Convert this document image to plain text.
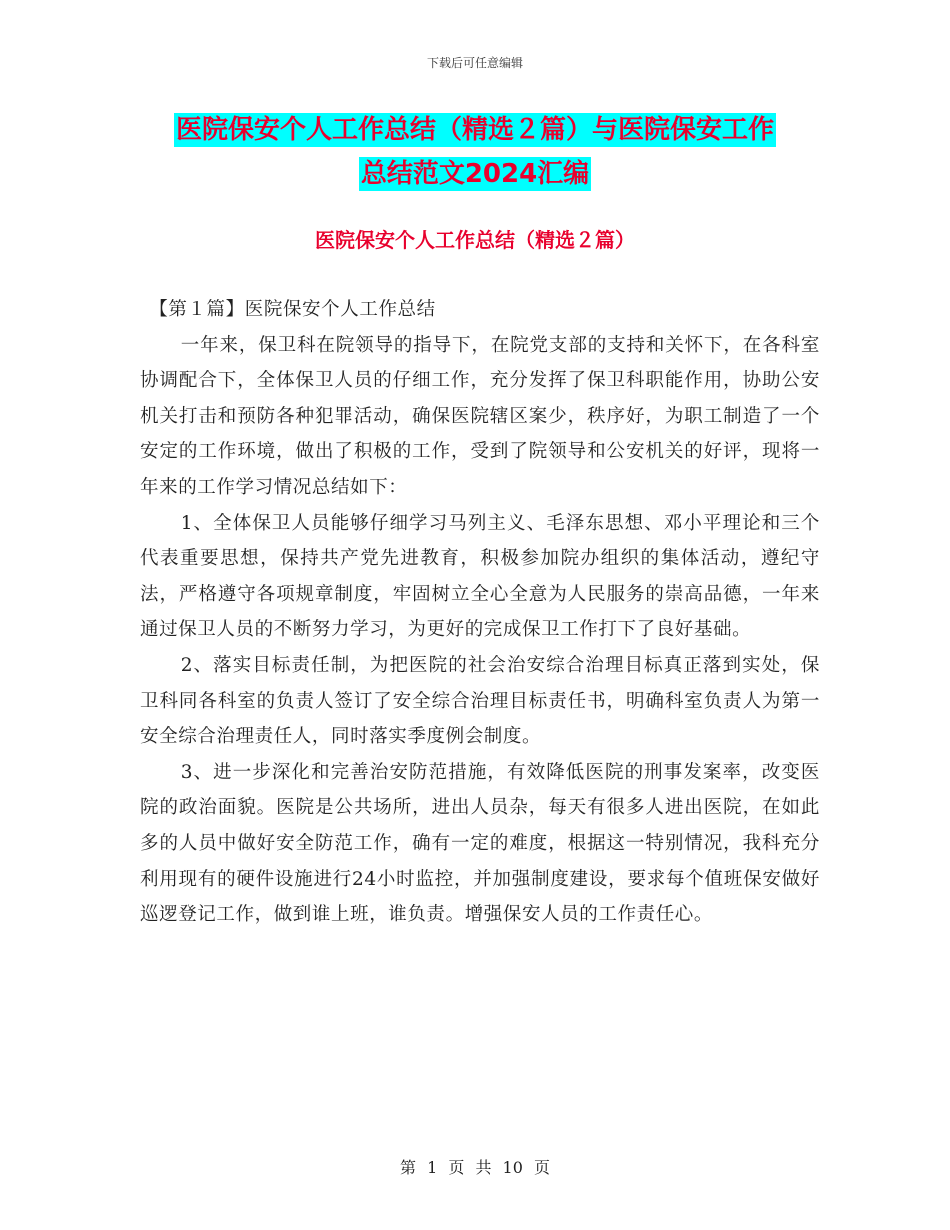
下载后可任意编辑
医院保安个人工作总结（精选２篇）与医院保安工作
总结范文2024汇编
医院保安个人工作总结（精选２篇）

【第１篇】医院保安个人工作总结

一年来，保卫科在院领导的指导下，在院党支部的支持和关怀下，在各科室协调配合下，全体保卫人员的仔细工作，充分发挥了保卫科职能作用，协助公安机关打击和预防各种犯罪活动，确保医院辖区案少，秩序好，为职工制造了一个安定的工作环境，做出了积极的工作，受到了院领导和公安机关的好评，现将一年来的工作学习情况总结如下：

1、全体保卫人员能够仔细学习马列主义、毛泽东思想、邓小平理论和三个代表重要思想，保持共产党先进教育，积极参加院办组织的集体活动，遵纪守法，严格遵守各项规章制度，牢固树立全心全意为人民服务的崇高品德，一年来通过保卫人员的不断努力学习，为更好的完成保卫工作打下了良好基础。

2、落实目标责任制，为把医院的社会治安综合治理目标真正落到实处，保卫科同各科室的负责人签订了安全综合治理目标责任书，明确科室负责人为第一安全综合治理责任人，同时落实季度例会制度。

3、进一步深化和完善治安防范措施，有效降低医院的刑事发案率，改变医院的政治面貌。医院是公共场所，进出人员杂，每天有很多人进出医院，在如此多的人员中做好安全防范工作，确有一定的难度，根据这一特别情况，我科充分利用现有的硬件设施进行24小时监控，并加强制度建设，要求每个值班保安做好巡逻登记工作，做到谁上班，谁负责。增强保安人员的工作责任心。

第 1 页 共 10 页
